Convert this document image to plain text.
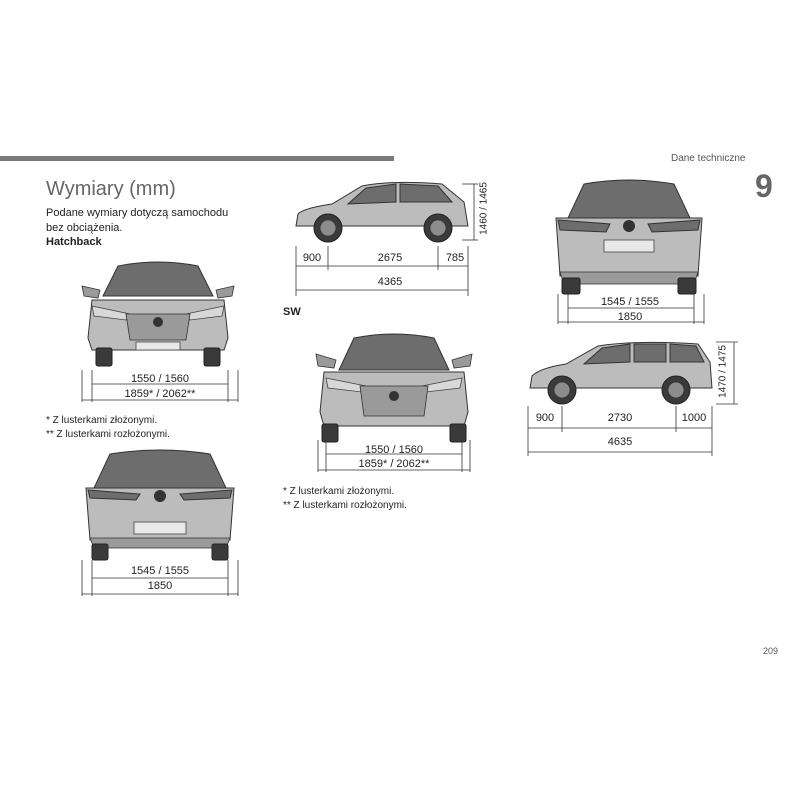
Dane techniczne
9
Wymiary (mm)
Podane wymiary dotyczą samochodu bez obciążenia.
Hatchback
1550 / 1560
1859* / 2062**
* Z lusterkami złożonymi.
** Z lusterkami rozłożonymi.
1545 / 1555
1850
1460 / 1465
900	2675	785
4365
1545 / 1555
1850
SW
1550 / 1560
1859* / 2062**
* Z lusterkami złożonymi.
** Z lusterkami rozłożonymi.
1470 / 1475
900	2730	1000
4635
209
